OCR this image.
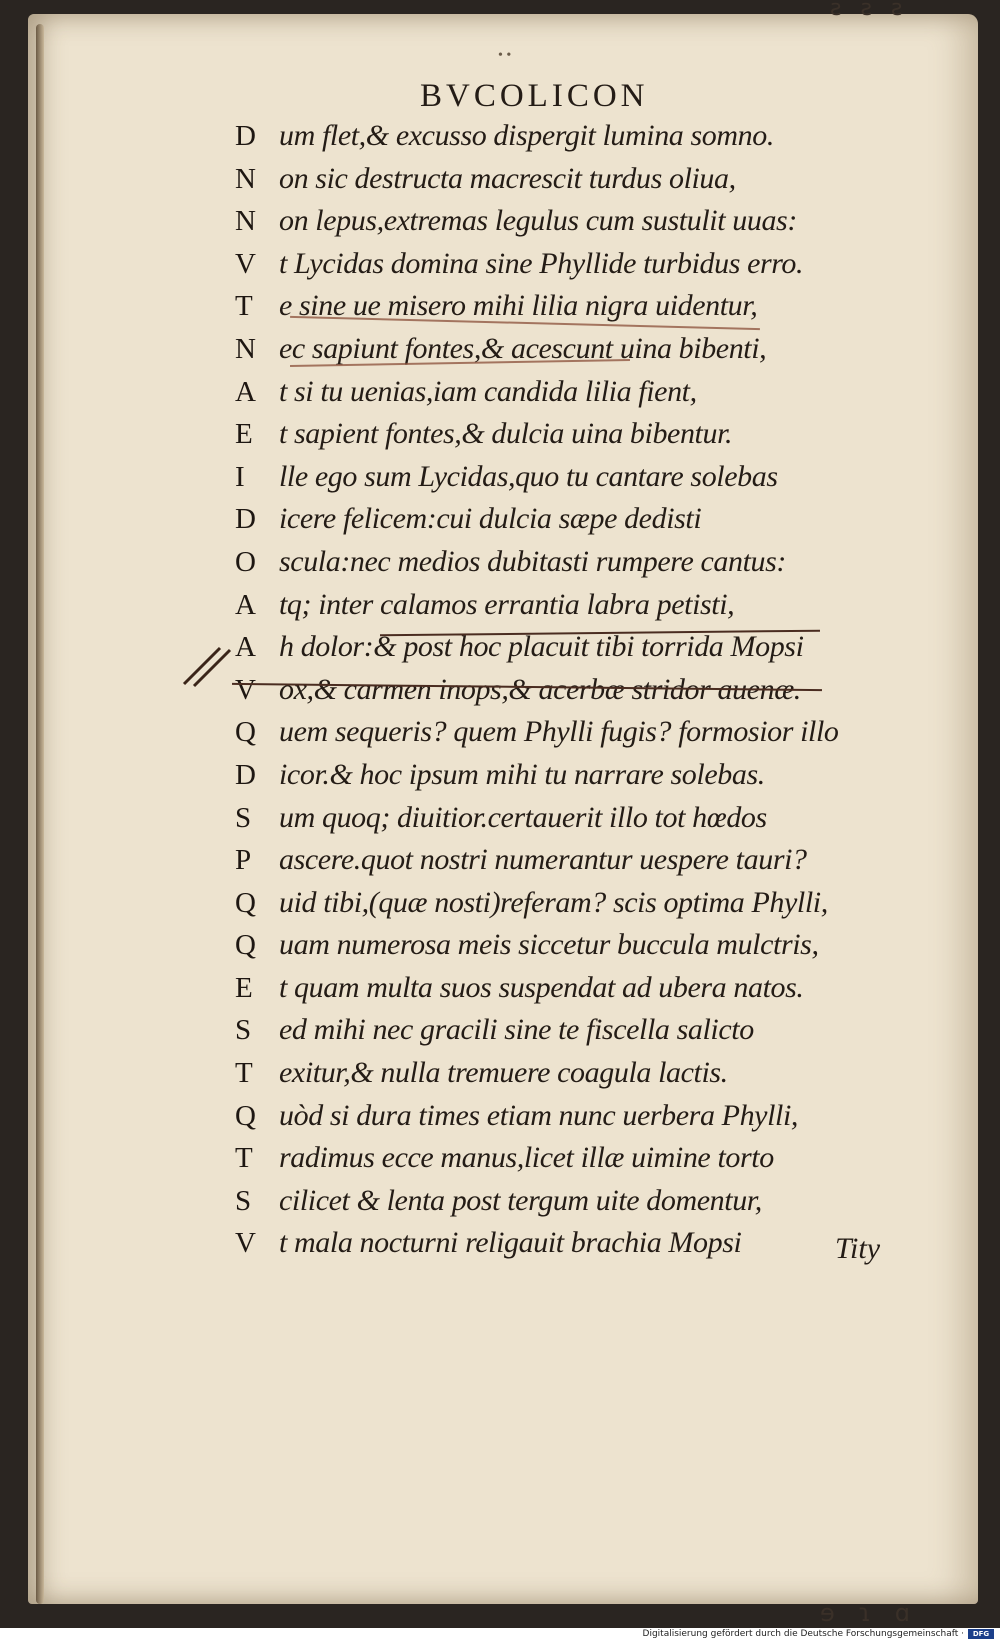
ƨ ƨ ƨ
ɘ ɿ ɑ
• •
BVCOLICON
D um flet,& excusso dispergit lumina somno.
N on sic destructa macrescit turdus oliua,
N on lepus,extremas legulus cum sustulit uuas:
V t Lycidas domina sine Phyllide turbidus erro.
T e sine ue misero mihi lilia nigra uidentur,
N ec sapiunt fontes,& acescunt uina bibenti,
A t si tu uenias,iam candida lilia fient,
E t sapient fontes,& dulcia uina bibentur.
I lle ego sum Lycidas,quo tu cantare solebas
D icere felicem:cui dulcia sæpe dedisti
O scula:nec medios dubitasti rumpere cantus:
A tq; inter calamos errantia labra petisti,
A h dolor:& post hoc placuit tibi torrida Mopsi
V ox,& carmen inops,& acerbæ stridor auenæ.
Q uem sequeris? quem Phylli fugis? formosior illo
D icor.& hoc ipsum mihi tu narrare solebas.
S um quoq; diuitior.certauerit illo tot hœdos
P ascere.quot nostri numerantur uespere tauri?
Q uid tibi,(quæ nosti)referam? scis optima Phylli,
Q uam numerosa meis siccetur buccula mulctris,
E t quam multa suos suspendat ad ubera natos.
S ed mihi nec gracili sine te fiscella salicto
T exitur,& nulla tremuere coagula lactis.
Q uòd si dura times etiam nunc uerbera Phylli,
T radimus ecce manus,licet illæ uimine torto
S cilicet & lenta post tergum uite domentur,
V t mala nocturni religauit brachia Mopsi	Tity
Digitalisierung gefördert durch die Deutsche Forschungsgemeinschaft ·	DFG
